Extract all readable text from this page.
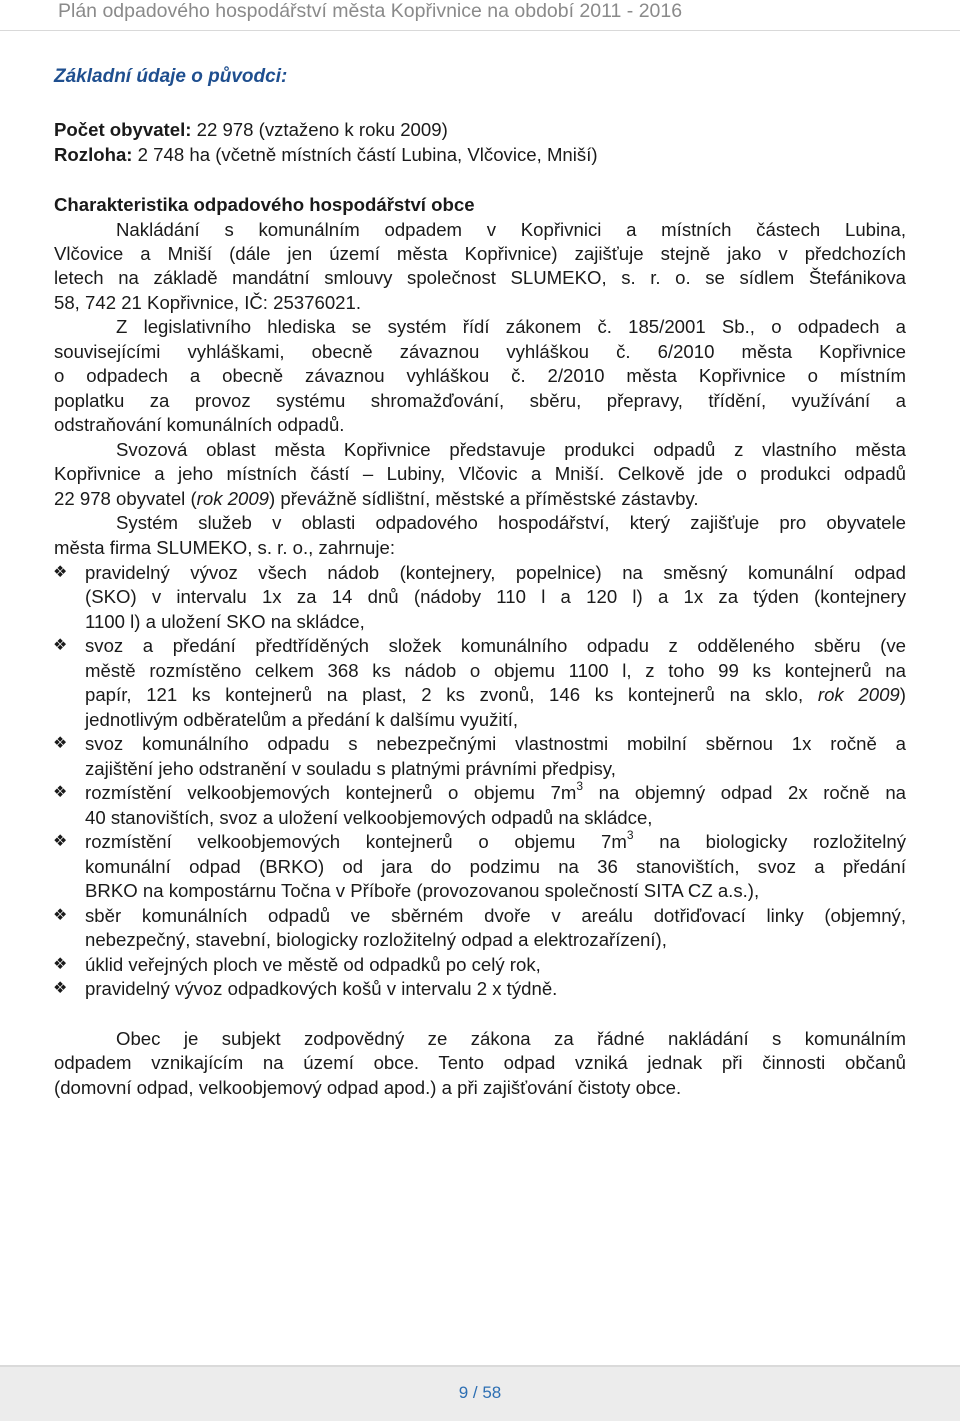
Plán odpadového hospodářství města Kopřivnice na období 2011 - 2016
Základní údaje o původci:
Počet obyvatel: 22 978 (vztaženo k roku 2009)
Rozloha: 2 748 ha (včetně místních částí Lubina, Vlčovice, Mniší)
Charakteristika odpadového hospodářství obce
Nakládání s komunálním odpadem v Kopřivnici a místních částech Lubina,
Vlčovice a Mniší (dále jen území města Kopřivnice) zajišťuje stejně jako v předchozích
letech na základě mandátní smlouvy společnost SLUMEKO, s. r. o. se sídlem Štefánikova
58, 742 21 Kopřivnice, IČ: 25376021.
Z legislativního hlediska se systém řídí zákonem č. 185/2001 Sb., o odpadech a
souvisejícími vyhláškami, obecně závaznou vyhláškou č. 6/2010 města Kopřivnice
o odpadech a obecně závaznou vyhláškou č. 2/2010 města Kopřivnice o místním
poplatku za provoz systému shromažďování, sběru, přepravy, třídění, využívání a
odstraňování komunálních odpadů.
Svozová oblast města Kopřivnice představuje produkci odpadů z vlastního města
Kopřivnice a jeho místních částí – Lubiny, Vlčovic a Mniší. Celkově jde o produkci odpadů
22 978 obyvatel (rok 2009) převážně sídlištní, městské a příměstské zástavby.
Systém služeb v oblasti odpadového hospodářství, který zajišťuje pro obyvatele
města firma SLUMEKO, s. r. o., zahrnuje:
❖ pravidelný vývoz všech nádob (kontejnery, popelnice) na směsný komunální odpad
(SKO) v intervalu 1x za 14 dnů (nádoby 110 l a 120 l) a 1x za týden (kontejnery
1100 l) a uložení SKO na skládce,
❖ svoz a předání předtříděných složek komunálního odpadu z odděleného sběru (ve
městě rozmístěno celkem 368 ks nádob o objemu 1100 l, z toho 99 ks kontejnerů na
papír, 121 ks kontejnerů na plast, 2 ks zvonů, 146 ks kontejnerů na sklo, rok 2009)
jednotlivým odběratelům a předání k dalšímu využití,
❖ svoz komunálního odpadu s nebezpečnými vlastnostmi mobilní sběrnou 1x ročně a
zajištění jeho odstranění v souladu s platnými právními předpisy,
❖ rozmístění velkoobjemových kontejnerů o objemu $7m^3$ na objemný odpad 2x ročně na
40 stanovištích, svoz a uložení velkoobjemových odpadů na skládce,
❖ rozmístění velkoobjemových kontejnerů o objemu $7m^3$ na biologicky rozložitelný
komunální odpad (BRKO) od jara do podzimu na 36 stanovištích, svoz a předání
BRKO na kompostárnu Točna v Příboře (provozovanou společností SITA CZ a.s.),
❖ sběr komunálních odpadů ve sběrném dvoře v areálu dotřiďovací linky (objemný,
nebezpečný, stavební, biologicky rozložitelný odpad a elektrozařízení),
❖ úklid veřejných ploch ve městě od odpadků po celý rok,
❖ pravidelný vývoz odpadkových košů v intervalu 2 x týdně.
Obec je subjekt zodpovědný ze zákona za řádné nakládání s komunálním
odpadem vznikajícím na území obce. Tento odpad vzniká jednak při činnosti občanů
(domovní odpad, velkoobjemový odpad apod.) a při zajišťování čistoty obce.
9 / 58
